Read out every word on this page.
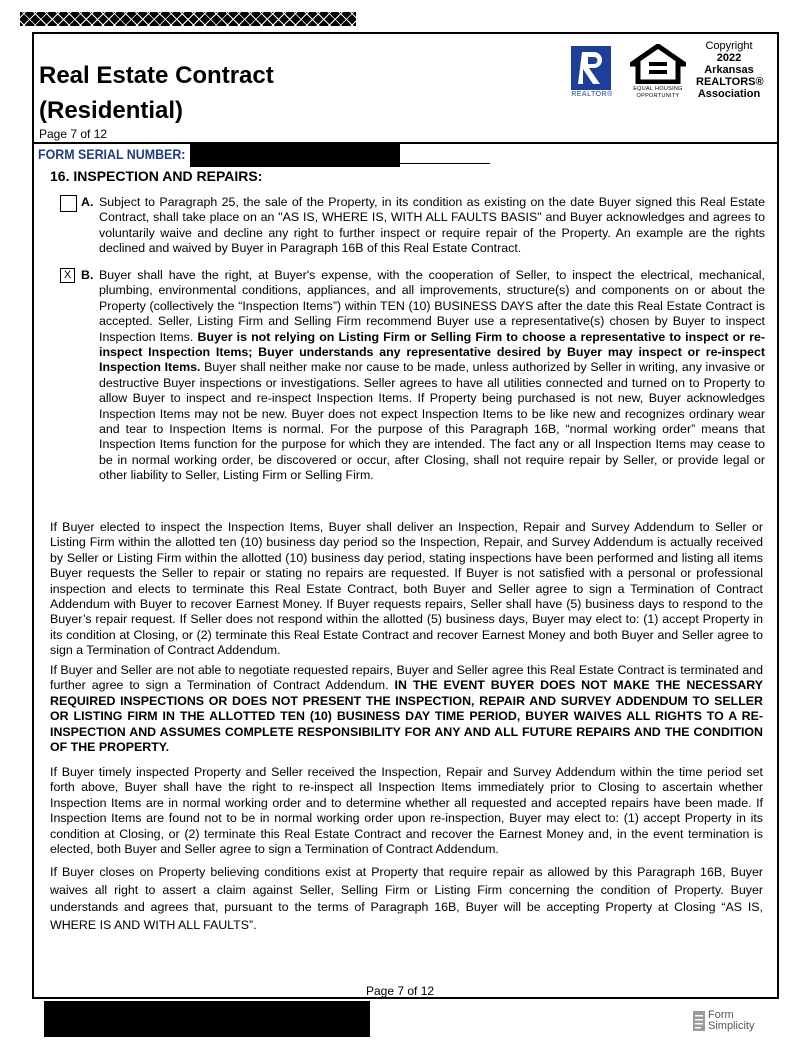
Real Estate Contract
(Residential)
Page 7 of 12
REALTOR®
EQUAL HOUSING
OPPORTUNITY
Copyright
2022
Arkansas
REALTORS®
Association
FORM SERIAL NUMBER:
16. INSPECTION AND REPAIRS:
A. Subject to Paragraph 25, the sale of the Property, in its condition as existing on the date Buyer signed this Real Estate Contract, shall take place on an "AS IS, WHERE IS, WITH ALL FAULTS BASIS" and Buyer acknowledges and agrees to voluntarily waive and decline any right to further inspect or require repair of the Property. An example are the rights declined and waived by Buyer in Paragraph 16B of this Real Estate Contract.
X B. Buyer shall have the right, at Buyer's expense, with the cooperation of Seller, to inspect the electrical, mechanical, plumbing, environmental conditions, appliances, and all improvements, structure(s) and components on or about the Property (collectively the “Inspection Items”) within TEN (10) BUSINESS DAYS after the date this Real Estate Contract is accepted. Seller, Listing Firm and Selling Firm recommend Buyer use a representative(s) chosen by Buyer to inspect Inspection Items. Buyer is not relying on Listing Firm or Selling Firm to choose a representative to inspect or re-inspect Inspection Items; Buyer understands any representative desired by Buyer may inspect or re-inspect Inspection Items. Buyer shall neither make nor cause to be made, unless authorized by Seller in writing, any invasive or destructive Buyer inspections or investigations. Seller agrees to have all utilities connected and turned on to Property to allow Buyer to inspect and re-inspect Inspection Items. If Property being purchased is not new, Buyer acknowledges Inspection Items may not be new. Buyer does not expect Inspection Items to be like new and recognizes ordinary wear and tear to Inspection Items is normal. For the purpose of this Paragraph 16B, “normal working order” means that Inspection Items function for the purpose for which they are intended. The fact any or all Inspection Items may cease to be in normal working order, be discovered or occur, after Closing, shall not require repair by Seller, or provide legal or other liability to Seller, Listing Firm or Selling Firm.
If Buyer elected to inspect the Inspection Items, Buyer shall deliver an Inspection, Repair and Survey Addendum to Seller or Listing Firm within the allotted ten (10) business day period so the Inspection, Repair, and Survey Addendum is actually received by Seller or Listing Firm within the allotted (10) business day period, stating inspections have been performed and listing all items Buyer requests the Seller to repair or stating no repairs are requested. If Buyer is not satisfied with a personal or professional inspection and elects to terminate this Real Estate Contract, both Buyer and Seller agree to sign a Termination of Contract Addendum with Buyer to recover Earnest Money. If Buyer requests repairs, Seller shall have (5) business days to respond to the Buyer’s repair request. If Seller does not respond within the allotted (5) business days, Buyer may elect to: (1) accept Property in its condition at Closing, or (2) terminate this Real Estate Contract and recover Earnest Money and both Buyer and Seller agree to sign a Termination of Contract Addendum.
If Buyer and Seller are not able to negotiate requested repairs, Buyer and Seller agree this Real Estate Contract is terminated and further agree to sign a Termination of Contract Addendum. IN THE EVENT BUYER DOES NOT MAKE THE NECESSARY REQUIRED INSPECTIONS OR DOES NOT PRESENT THE INSPECTION, REPAIR AND SURVEY ADDENDUM TO SELLER OR LISTING FIRM IN THE ALLOTTED TEN (10) BUSINESS DAY TIME PERIOD, BUYER WAIVES ALL RIGHTS TO A RE-INSPECTION AND ASSUMES COMPLETE RESPONSIBILITY FOR ANY AND ALL FUTURE REPAIRS AND THE CONDITION OF THE PROPERTY.
If Buyer timely inspected Property and Seller received the Inspection, Repair and Survey Addendum within the time period set forth above, Buyer shall have the right to re-inspect all Inspection Items immediately prior to Closing to ascertain whether Inspection Items are in normal working order and to determine whether all requested and accepted repairs have been made. If Inspection Items are found not to be in normal working order upon re-inspection, Buyer may elect to: (1) accept Property in its condition at Closing, or (2) terminate this Real Estate Contract and recover the Earnest Money and, in the event termination is elected, both Buyer and Seller agree to sign a Termination of Contract Addendum.
If Buyer closes on Property believing conditions exist at Property that require repair as allowed by this Paragraph 16B, Buyer waives all right to assert a claim against Seller, Selling Firm or Listing Firm concerning the condition of Property. Buyer understands and agrees that, pursuant to the terms of Paragraph 16B, Buyer will be accepting Property at Closing “AS IS, WHERE IS AND WITH ALL FAULTS”.
Page 7 of 12
Form
Simplicity
